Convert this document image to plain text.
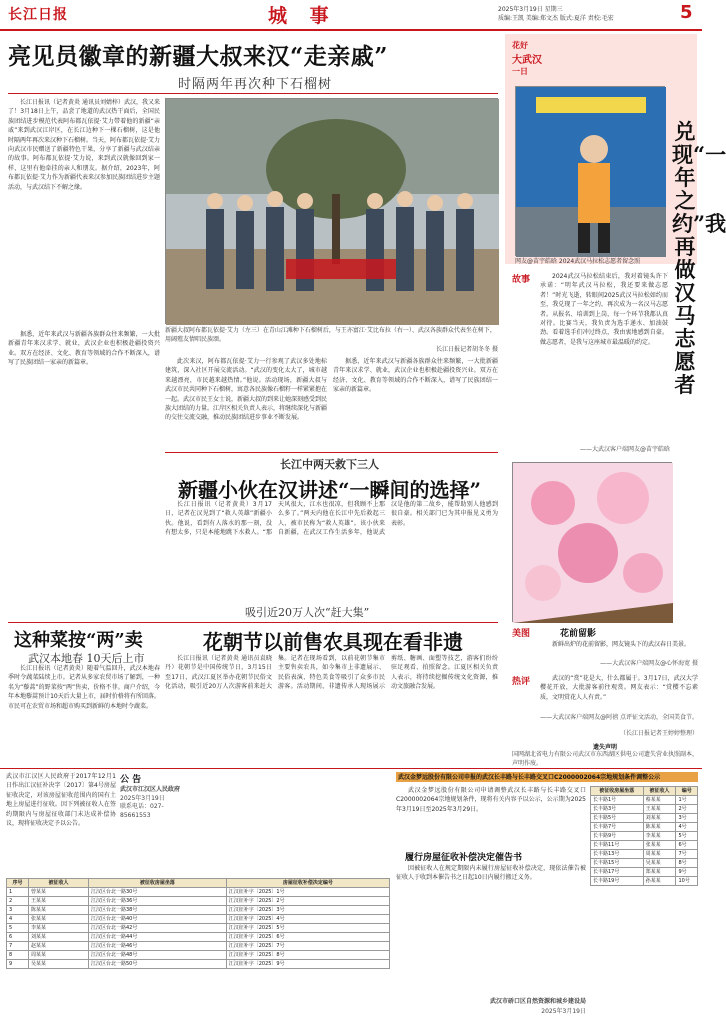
长江日报	城 事	2025年3月19日 星期三
质编:王凯 美编:郑文杰 版式:夏洋 责校:毛宏	5
亮见员徽章的新疆大叔来汉“走亲戚”
时隔两年再次种下石榴树

长江日报讯（记者黄炎 通讯员刘婧梓）武汉，我又来了！3月18日上午，品尝了地道的武汉热干面后，全国民族团结进步模范代表阿布都瓦依提·艾力带着他的新疆“亲戚”来到武汉江岸区，在长江边种下一棵石榴树，这是他时隔两年再次来汉种下石榴树。当天，阿布都瓦依提·艾力向武汉市民赠送了新疆特色干果，分享了新疆与武汉结亲的故事。阿布都瓦依提·艾力说，来到武汉就像回到家一样，这里有他牵挂的亲人和朋友。据介绍，2023年，阿布都瓦依提·艾力作为新疆代表来汉参加民族团结进步主题活动，与武汉结下不解之缘。

据悉，近年来武汉与新疆各族群众往来频繁，一大批新疆青年来汉求学、就业，武汉企业也积极赴疆投资兴业。双方在经济、文化、教育等领域的合作不断深入，谱写了民族团结一家亲的新篇章。

新疆大叔阿布都瓦依提·艾力（左三）在青山江滩种下石榴树后，与王亦富江·艾比布拉（右一）、武汉各族群众代表坐在树下，用阔殖友情唱民族颂。
长江日报记者胡冬冬 摄

此次来汉，阿布都瓦依提·艾力一行参观了武汉多处地标建筑，深入社区开展交流活动。“武汉的变化太大了，城市越来越漂亮，市民越来越热情。”他说。活动现场，新疆大叔与武汉市民共同种下石榴树，寓意各民族像石榴籽一样紧紧抱在一起。武汉市民王女士说，新疆大叔的到来让她深刻感受到民族大团结的力量。江岸区相关负责人表示，将继续深化与新疆的交往交流交融，推动民族团结进步事业不断发展。

据悉，近年来武汉与新疆各族群众往来频繁，一大批新疆青年来汉求学、就业，武汉企业也积极赴疆投资兴业。双方在经济、文化、教育等领域的合作不断深入，谱写了民族团结一家亲的新篇章。

长江中两天救下三人
新疆小伙在汉讲述“一瞬间的选择”

长江日报讯（记者黄炎）3月17日，记者在汉见到了“救人英雄”新疆小伙。他说，看到有人落水的那一刻，没有想太多，只是本能地跳下水救人。“那天风很大，江水也很凉，但我顾不上那么多了。”两天内他在长江中先后救起三人，被市民称为“救人英雄”。该小伙来自新疆，在武汉工作生活多年，他说武汉是他的第二故乡，能帮助别人他感到很自豪。相关部门已为其申报见义勇为表彰。

这种菜按“两”卖
武汉本地春 10天后上市

长江日报讯（记者黄炎）随着气温回升，武汉本地春季时令蔬菜陆续上市。记者从多家农贸市场了解到，一种名为“藜蒿”的野菜按“两”售卖，价格不菲。商户介绍，今年本地藜蒿预计10天后大量上市，届时价格将有所回落。市民可在农贸市场和超市购买到新鲜的本地时令蔬菜。

吸引近20万人次“赶大集”
花朝节以前售农具现在看非遗

长江日报讯（记者黄炎 通讯员袁晓丹）花朝节是中国传统节日，3月15日至17日，武汉江夏区举办花朝节民俗文化活动，吸引近20万人次游客前来赶大集。记者在现场看到，以前花朝节集市主要售卖农具，如今集市上非遗展示、民俗表演、特色美食等吸引了众多市民游客。活动期间，非遗传承人现场展示剪纸、糖画、面塑等技艺，游客们纷纷驻足观看、拍照留念。江夏区相关负责人表示，将持续挖掘传统文化资源，推动文旅融合发展。

花好
大武汉
一日
兑现“一年之约”我再做汉马志愿者
网友@苗宇皓晗 2024武汉马拉松志愿者留念照
故事	2024武汉马拉松结束后，我对着镜头许下承诺：“明年武汉马拉松，我还要来做志愿者！”时光飞逝，转眼间2025武汉马拉松如约而至，我兑现了一年之约，再次成为一名汉马志愿者。从报名、培训到上岗，每一个环节我都认真对待。比赛当天，我负责为选手递水、加油鼓劲。看着选手们冲过终点，我由衷地感到自豪。做志愿者，是我与这座城市最温暖的约定。

——大武汉客户端网友@苗宇皓晗
美图	花前留影

新鲜出炉的花前留影，网友镜头下的武汉春日美景。

——大武汉客户端网友@心怀海宽 摄
热评	武汉的“赏”花是大，什么都属于。3月17日，武汉大学樱花开放，大批游客前往观赏。网友表示：“赏樱不忘素质，文明赏花人人有责。”

——大武汉客户端网友@阿禧 点评征文活动，全国美食节。
（长江日报记者王婷婷整理）
遗失声明
国网湖北省电力有限公司武汉市东西湖区供电公司遗失营业执照副本，声明作废。
武汉市江汉区人民政府于2017年12月1日作出江汉征补决字〔2017〕第4号房屋征收决定，对该房屋征收范围内的国有土地上房屋进行征收。因下列被征收人在签约期限内与房屋征收部门未达成补偿协议，现将征收决定予以公告。
公 告
武汉市江汉区人民政府
2025年3月19日
联系电话：027-85661553
序号	被征收人	被征收房屋坐落	房屋征收补偿决定编号
1	曾某某	江汉区台北一路30号	江汉征补字〔2025〕1号
2	王某某	江汉区台北一路36号	江汉征补字〔2025〕2号
3	陈某某	江汉区台北一路38号	江汉征补字〔2025〕3号
4	张某某	江汉区台北一路40号	江汉征补字〔2025〕4号
5	李某某	江汉区台北一路42号	江汉征补字〔2025〕5号
6	刘某某	江汉区台北一路44号	江汉征补字〔2025〕6号
7	赵某某	江汉区台北一路46号	江汉征补字〔2025〕7号
8	周某某	江汉区台北一路48号	江汉征补字〔2025〕8号
9	吴某某	江汉区台北一路50号	江汉征补字〔2025〕9号
武汉金梦远股份有限公司申报的武汉长丰路与长丰路交叉口C2000002064宗地规划条件调整公示

武汉金梦远股份有限公司申请调整武汉长丰路与长丰路交叉口C2000002064宗地规划条件，现将有关内容予以公示，公示期为2025年3月19日至2025年3月29日。

履行房屋征收补偿决定催告书

因被征收人在规定期限内未履行房屋征收补偿决定，现依法催告被征收人于收到本催告书之日起10日内履行搬迁义务。

武汉市硚口区自然资源和城乡建设局
2025年3月19日
被征收房屋坐落	被征收人	编号
长丰路1号	蔡某某	1号
长丰路3号	王某某	2号
长丰路5号	刘某某	3号
长丰路7号	陈某某	4号
长丰路9号	李某某	5号
长丰路11号	张某某	6号
长丰路13号	周某某	7号
长丰路15号	吴某某	8号
长丰路17号	郑某某	9号
长丰路19号	孙某某	10号
